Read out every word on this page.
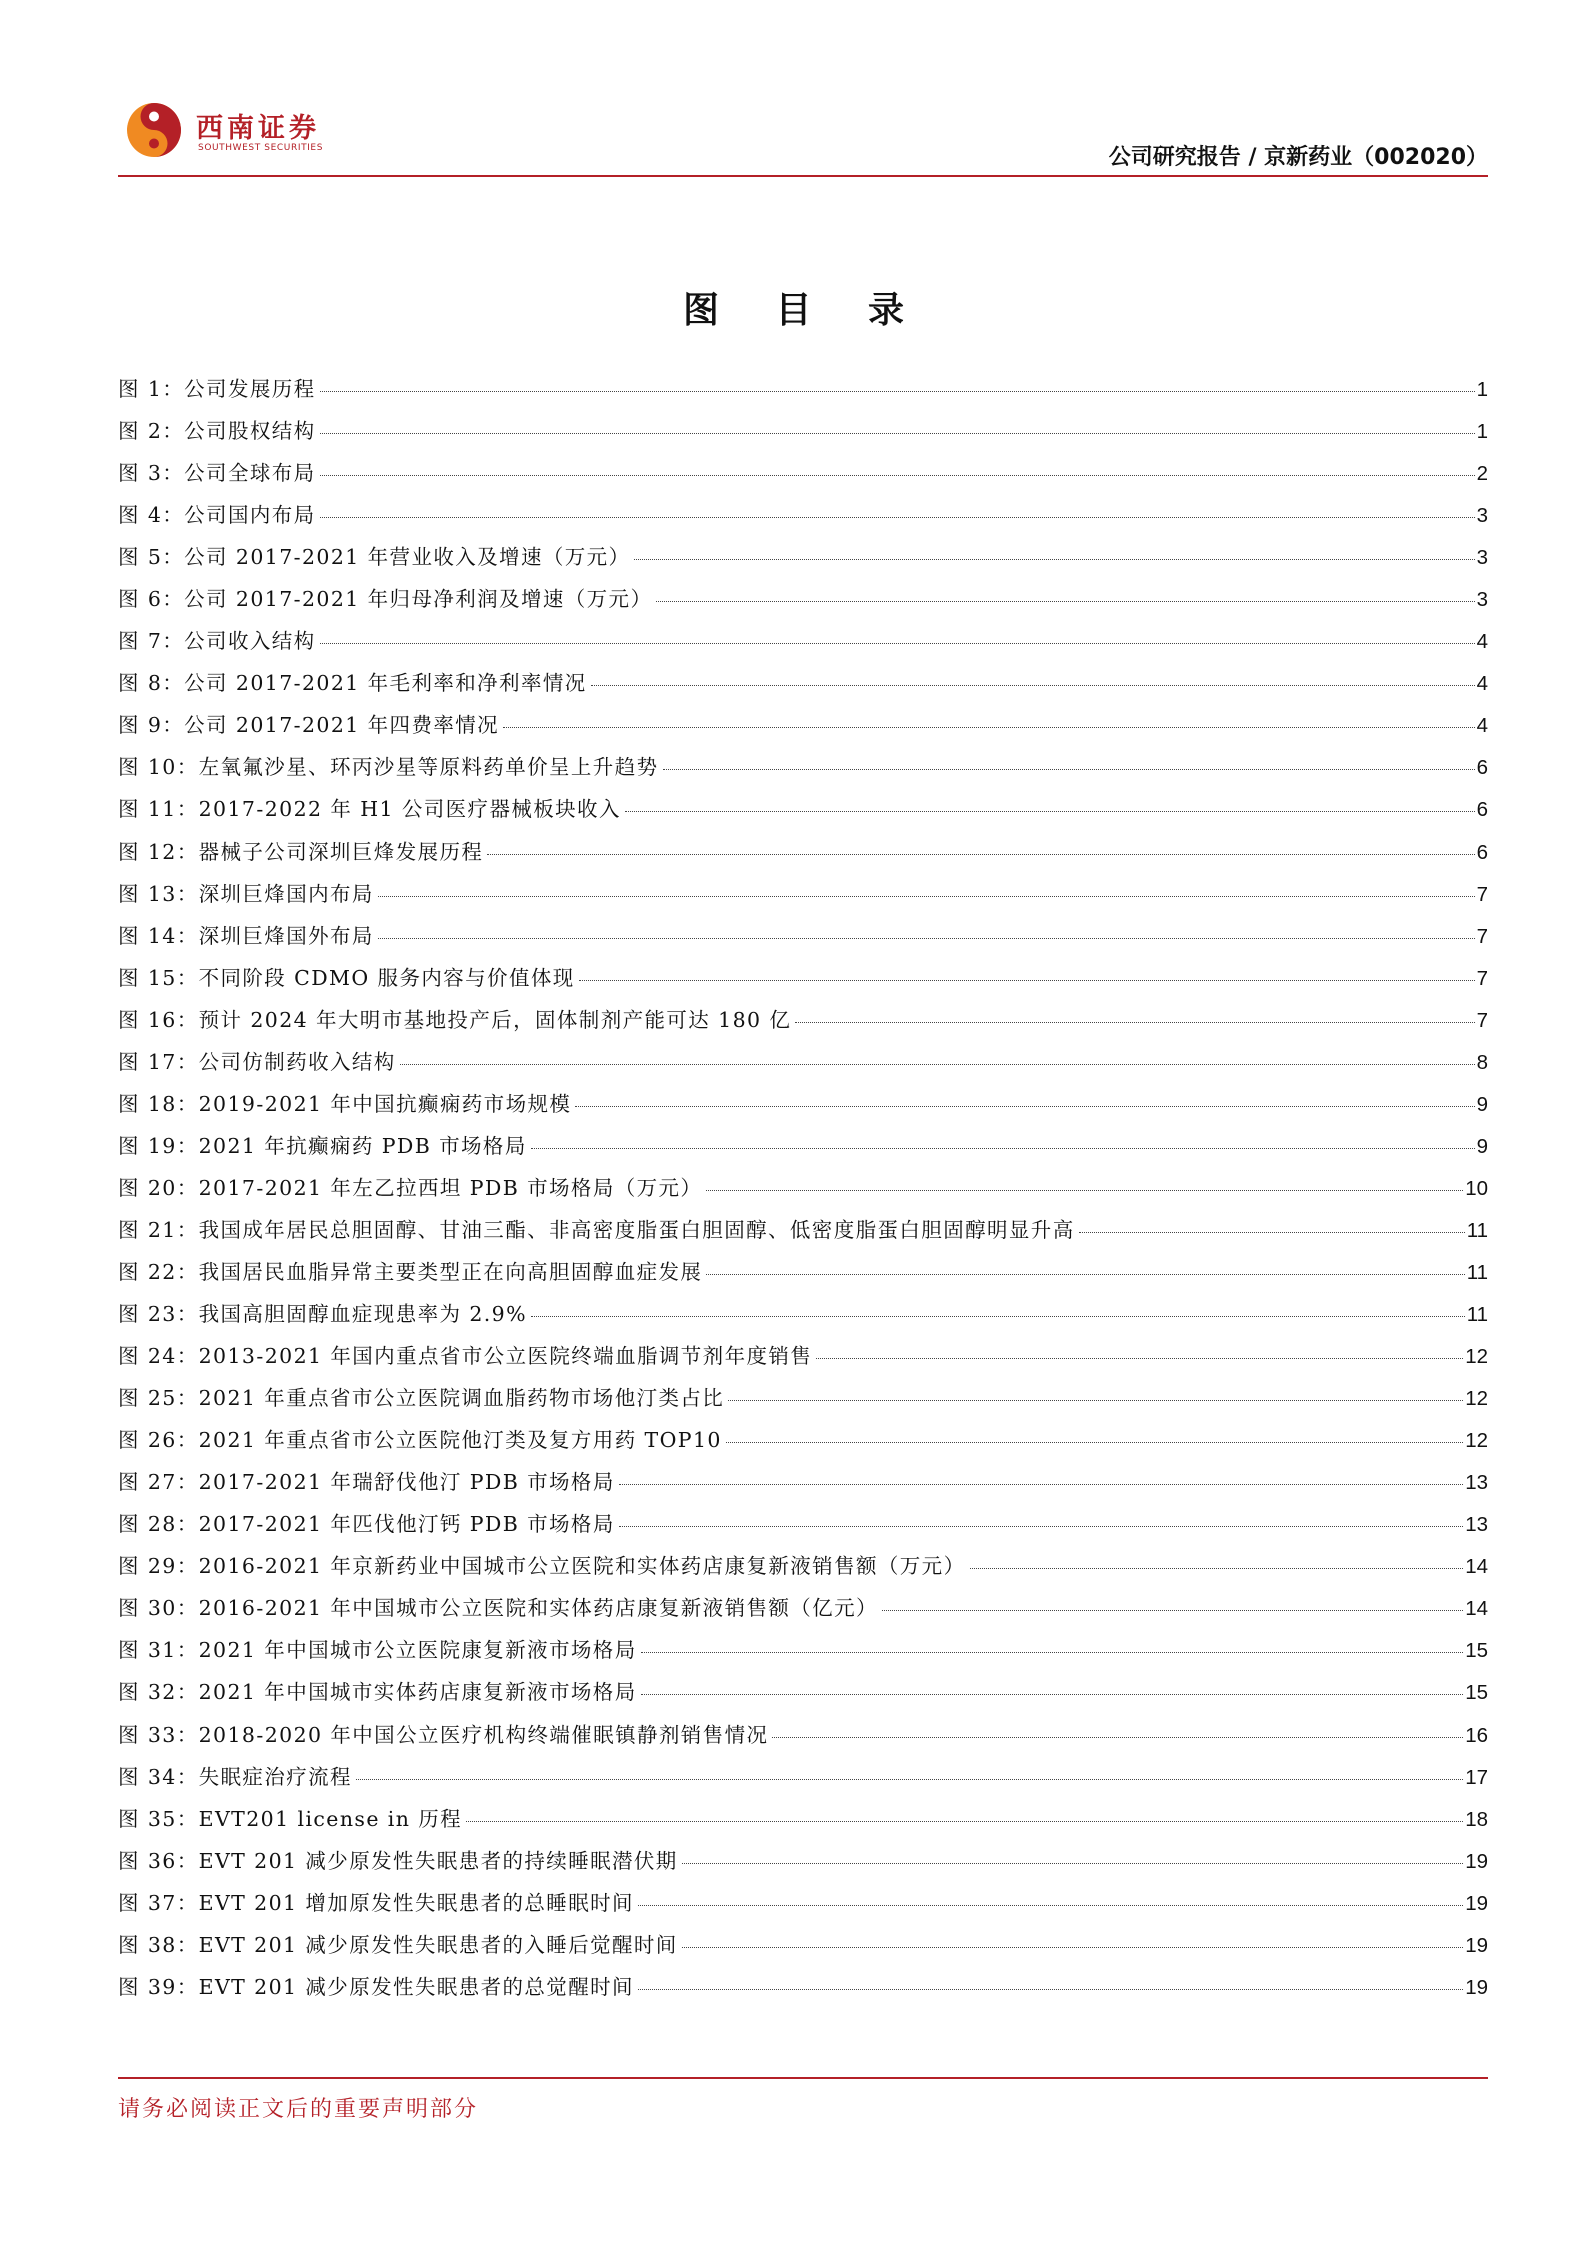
西南证券
SOUTHWEST SECURITIES	公司研究报告 / 京新药业（002020）
图 目 录
图 1：公司发展历程	1
图 2：公司股权结构	1
图 3：公司全球布局	2
图 4：公司国内布局	3
图 5：公司 2017-2021 年营业收入及增速（万元）	3
图 6：公司 2017-2021 年归母净利润及增速（万元）	3
图 7：公司收入结构	4
图 8：公司 2017-2021 年毛利率和净利率情况	4
图 9：公司 2017-2021 年四费率情况	4
图 10：左氧氟沙星、环丙沙星等原料药单价呈上升趋势	6
图 11：2017-2022 年 H1 公司医疗器械板块收入	6
图 12：器械子公司深圳巨烽发展历程	6
图 13：深圳巨烽国内布局	7
图 14：深圳巨烽国外布局	7
图 15：不同阶段 CDMO 服务内容与价值体现	7
图 16：预计 2024 年大明市基地投产后，固体制剂产能可达 180 亿	7
图 17：公司仿制药收入结构	8
图 18：2019-2021 年中国抗癫痫药市场规模	9
图 19：2021 年抗癫痫药 PDB 市场格局	9
图 20：2017-2021 年左乙拉西坦 PDB 市场格局（万元）	10
图 21：我国成年居民总胆固醇、甘油三酯、非高密度脂蛋白胆固醇、低密度脂蛋白胆固醇明显升高	11
图 22：我国居民血脂异常主要类型正在向高胆固醇血症发展	11
图 23：我国高胆固醇血症现患率为 2.9%	11
图 24：2013-2021 年国内重点省市公立医院终端血脂调节剂年度销售	12
图 25：2021 年重点省市公立医院调血脂药物市场他汀类占比	12
图 26：2021 年重点省市公立医院他汀类及复方用药 TOP10	12
图 27：2017-2021 年瑞舒伐他汀 PDB 市场格局	13
图 28：2017-2021 年匹伐他汀钙 PDB 市场格局	13
图 29：2016-2021 年京新药业中国城市公立医院和实体药店康复新液销售额（万元）	14
图 30：2016-2021 年中国城市公立医院和实体药店康复新液销售额（亿元）	14
图 31：2021 年中国城市公立医院康复新液市场格局	15
图 32：2021 年中国城市实体药店康复新液市场格局	15
图 33：2018-2020 年中国公立医疗机构终端催眠镇静剂销售情况	16
图 34：失眠症治疗流程	17
图 35：EVT201 license in 历程	18
图 36：EVT 201 减少原发性失眠患者的持续睡眠潜伏期	19
图 37：EVT 201 增加原发性失眠患者的总睡眠时间	19
图 38：EVT 201 减少原发性失眠患者的入睡后觉醒时间	19
图 39：EVT 201 减少原发性失眠患者的总觉醒时间	19
请务必阅读正文后的重要声明部分
